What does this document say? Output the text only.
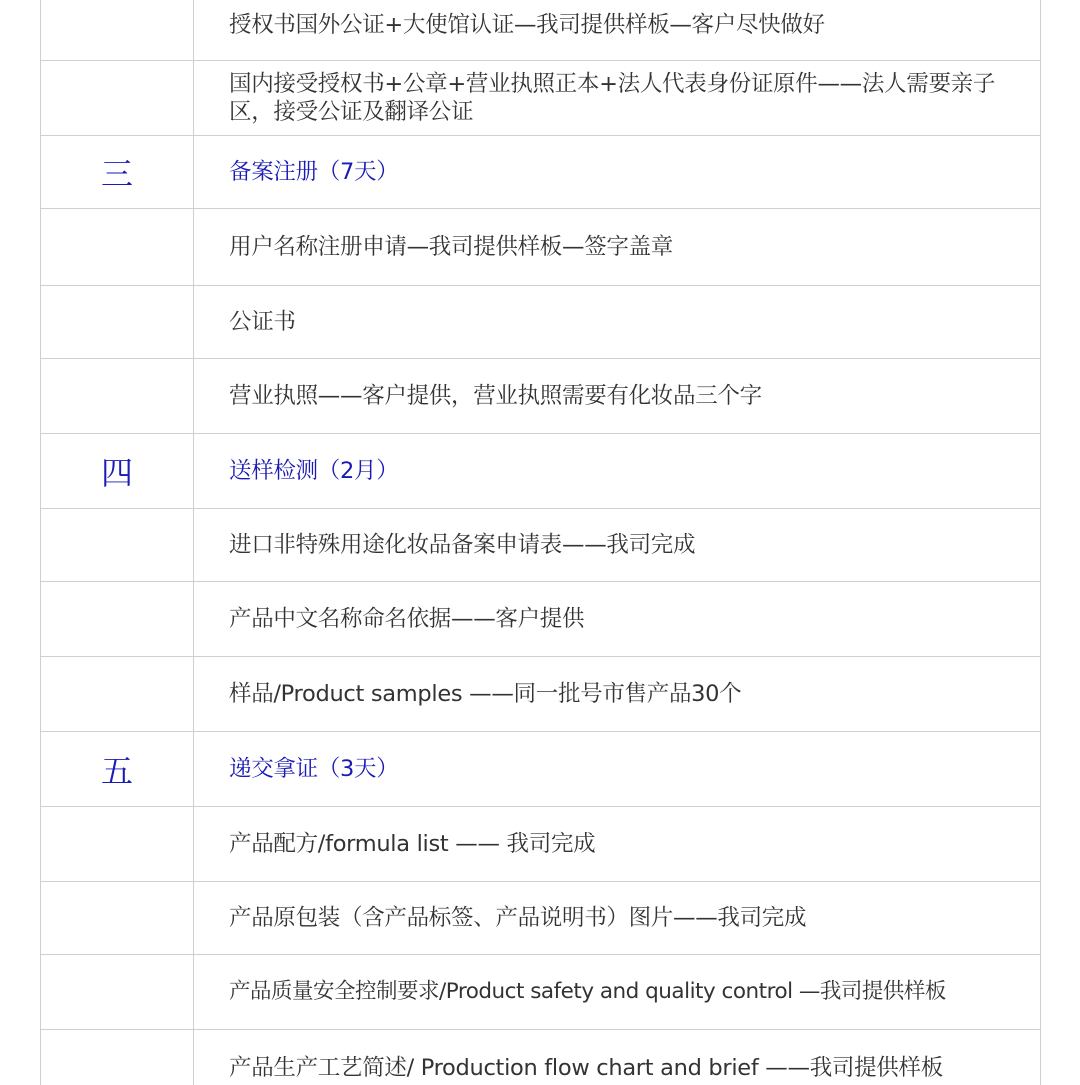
授权书国外公证+大使馆认证—我司提供样板—客户尽快做好
国内接受授权书+公章+营业执照正本+法人代表身份证原件——法人需要亲子区，接受公证及翻译公证
三	备案注册（7天）
用户名称注册申请—我司提供样板—签字盖章
公证书
营业执照——客户提供，营业执照需要有化妆品三个字
四	送样检测（2月）
进口非特殊用途化妆品备案申请表——我司完成
产品中文名称命名依据——客户提供
样品/Product samples ——同一批号市售产品30个
五	递交拿证（3天）
产品配方/formula list —— 我司完成
产品原包装（含产品标签、产品说明书）图片——我司完成
产品质量安全控制要求/Product safety and quality control —我司提供样板
产品生产工艺简述/ Production flow chart and brief ——我司提供样板
